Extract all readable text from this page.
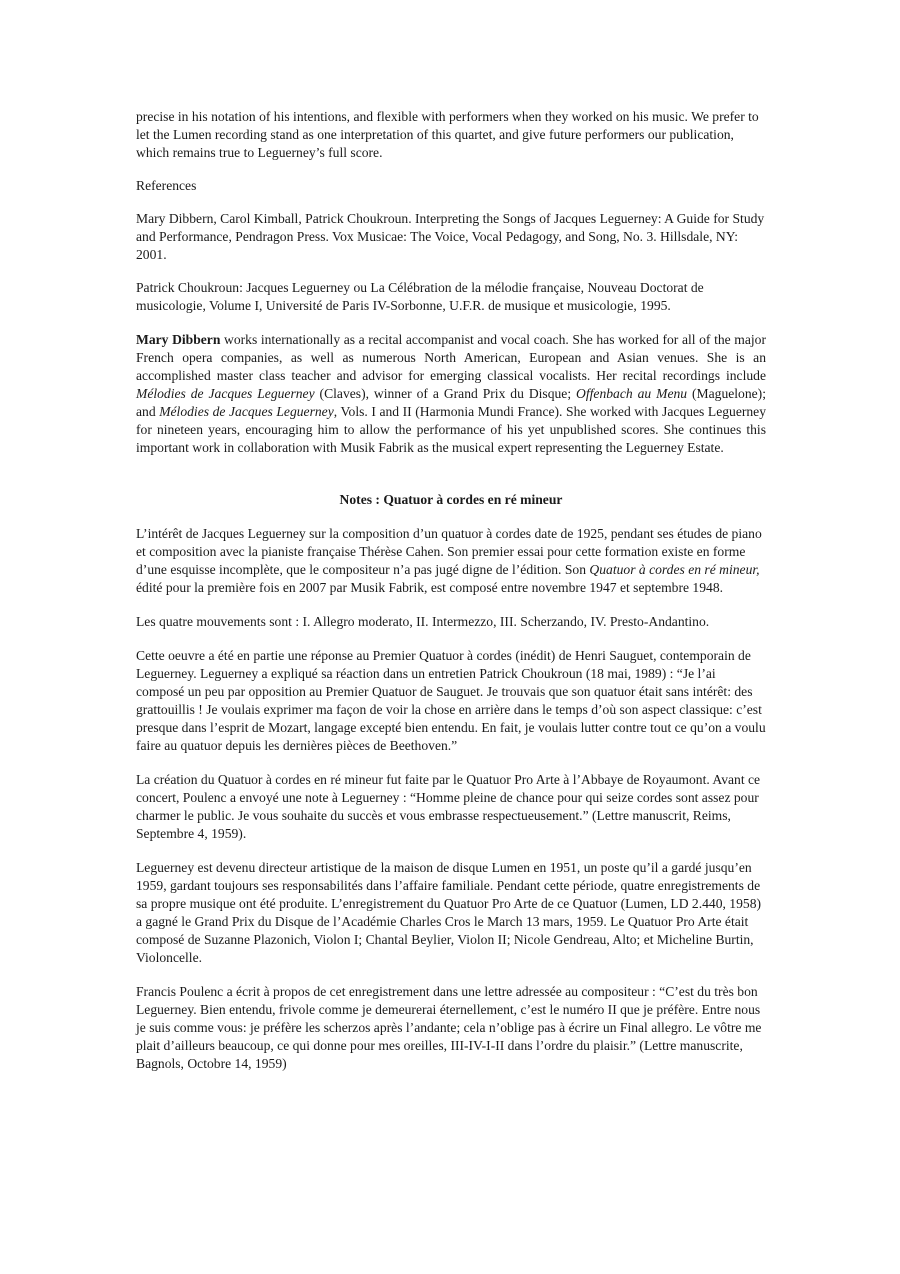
precise in his notation of his intentions, and flexible with performers when they worked on his music. We prefer to let the Lumen recording stand as one interpretation of this quartet, and give future performers our publication, which remains true to Leguerney’s full score.

References

Mary Dibbern, Carol Kimball, Patrick Choukroun. Interpreting the Songs of Jacques Leguerney: A Guide for Study and Performance, Pendragon Press. Vox Musicae: The Voice, Vocal Pedagogy, and Song, No. 3. Hillsdale, NY: 2001.

Patrick Choukroun: Jacques Leguerney ou La Célébration de la mélodie française, Nouveau Doctorat de musicologie, Volume I, Université de Paris IV-Sorbonne, U.F.R. de musique et musicologie, 1995.

Mary Dibbern works internationally as a recital accompanist and vocal coach. She has worked for all of the major French opera companies, as well as numerous North American, European and Asian venues. She is an accomplished master class teacher and advisor for emerging classical vocalists. Her recital recordings include Mélodies de Jacques Leguerney (Claves), winner of a Grand Prix du Disque; Offenbach au Menu (Maguelone); and Mélodies de Jacques Leguerney, Vols. I and II (Harmonia Mundi France). She worked with Jacques Leguerney for nineteen years, encouraging him to allow the performance of his yet unpublished scores. She continues this important work in collaboration with Musik Fabrik as the musical expert representing the Leguerney Estate.

Notes : Quatuor à cordes en ré mineur

L’intérêt de Jacques Leguerney sur la composition d’un quatuor à cordes date de 1925, pendant ses études de piano et composition avec la pianiste française Thérèse Cahen. Son premier essai pour cette formation existe en forme d’une esquisse incomplète, que le compositeur n’a pas jugé digne de l’édition. Son Quatuor à cordes en ré mineur, édité pour la première fois en 2007 par Musik Fabrik, est composé entre novembre 1947 et septembre 1948.

Les quatre mouvements sont : I. Allegro moderato, II. Intermezzo, III. Scherzando, IV. Presto-Andantino.

Cette oeuvre a été en partie une réponse au Premier Quatuor à cordes (inédit) de Henri Sauguet, contemporain de Leguerney. Leguerney a expliqué sa réaction dans un entretien Patrick Choukroun (18 mai, 1989) : “Je l’ai composé un peu par opposition au Premier Quatuor de Sauguet. Je trouvais que son quatuor était sans intérêt: des grattouillis ! Je voulais exprimer ma façon de voir la chose en arrière dans le temps d’où son aspect classique: c’est presque dans l’esprit de Mozart, langage excepté bien entendu. En fait, je voulais lutter contre tout ce qu’on a voulu faire au quatuor depuis les dernières pièces de Beethoven.”

La création du Quatuor à cordes en ré mineur fut faite par le Quatuor Pro Arte à l’Abbaye de Royaumont. Avant ce concert, Poulenc a envoyé une note à Leguerney : “Homme pleine de chance pour qui seize cordes sont assez pour charmer le public. Je vous souhaite du succès et vous embrasse respectueusement.” (Lettre manuscrit, Reims, Septembre 4, 1959).

Leguerney est devenu directeur artistique de la maison de disque Lumen en 1951, un poste qu’il a gardé jusqu’en 1959, gardant toujours ses responsabilités dans l’affaire familiale. Pendant cette période, quatre enregistrements de sa propre musique ont été produite. L’enregistrement du Quatuor Pro Arte de ce Quatuor (Lumen, LD 2.440, 1958) a gagné le Grand Prix du Disque de l’Académie Charles Cros le March 13 mars, 1959. Le Quatuor Pro Arte était composé de Suzanne Plazonich, Violon I; Chantal Beylier, Violon II; Nicole Gendreau, Alto; et Micheline Burtin, Violoncelle.

Francis Poulenc a écrit à propos de cet enregistrement dans une lettre adressée au compositeur : “C’est du très bon Leguerney. Bien entendu, frivole comme je demeurerai éternellement, c’est le numéro II que je préfère. Entre nous je suis comme vous: je préfère les scherzos après l’andante; cela n’oblige pas à écrire un Final allegro. Le vôtre me plait d’ailleurs beaucoup, ce qui donne pour mes oreilles, III-IV-I-II dans l’ordre du plaisir.” (Lettre manuscrite, Bagnols, Octobre 14, 1959)
